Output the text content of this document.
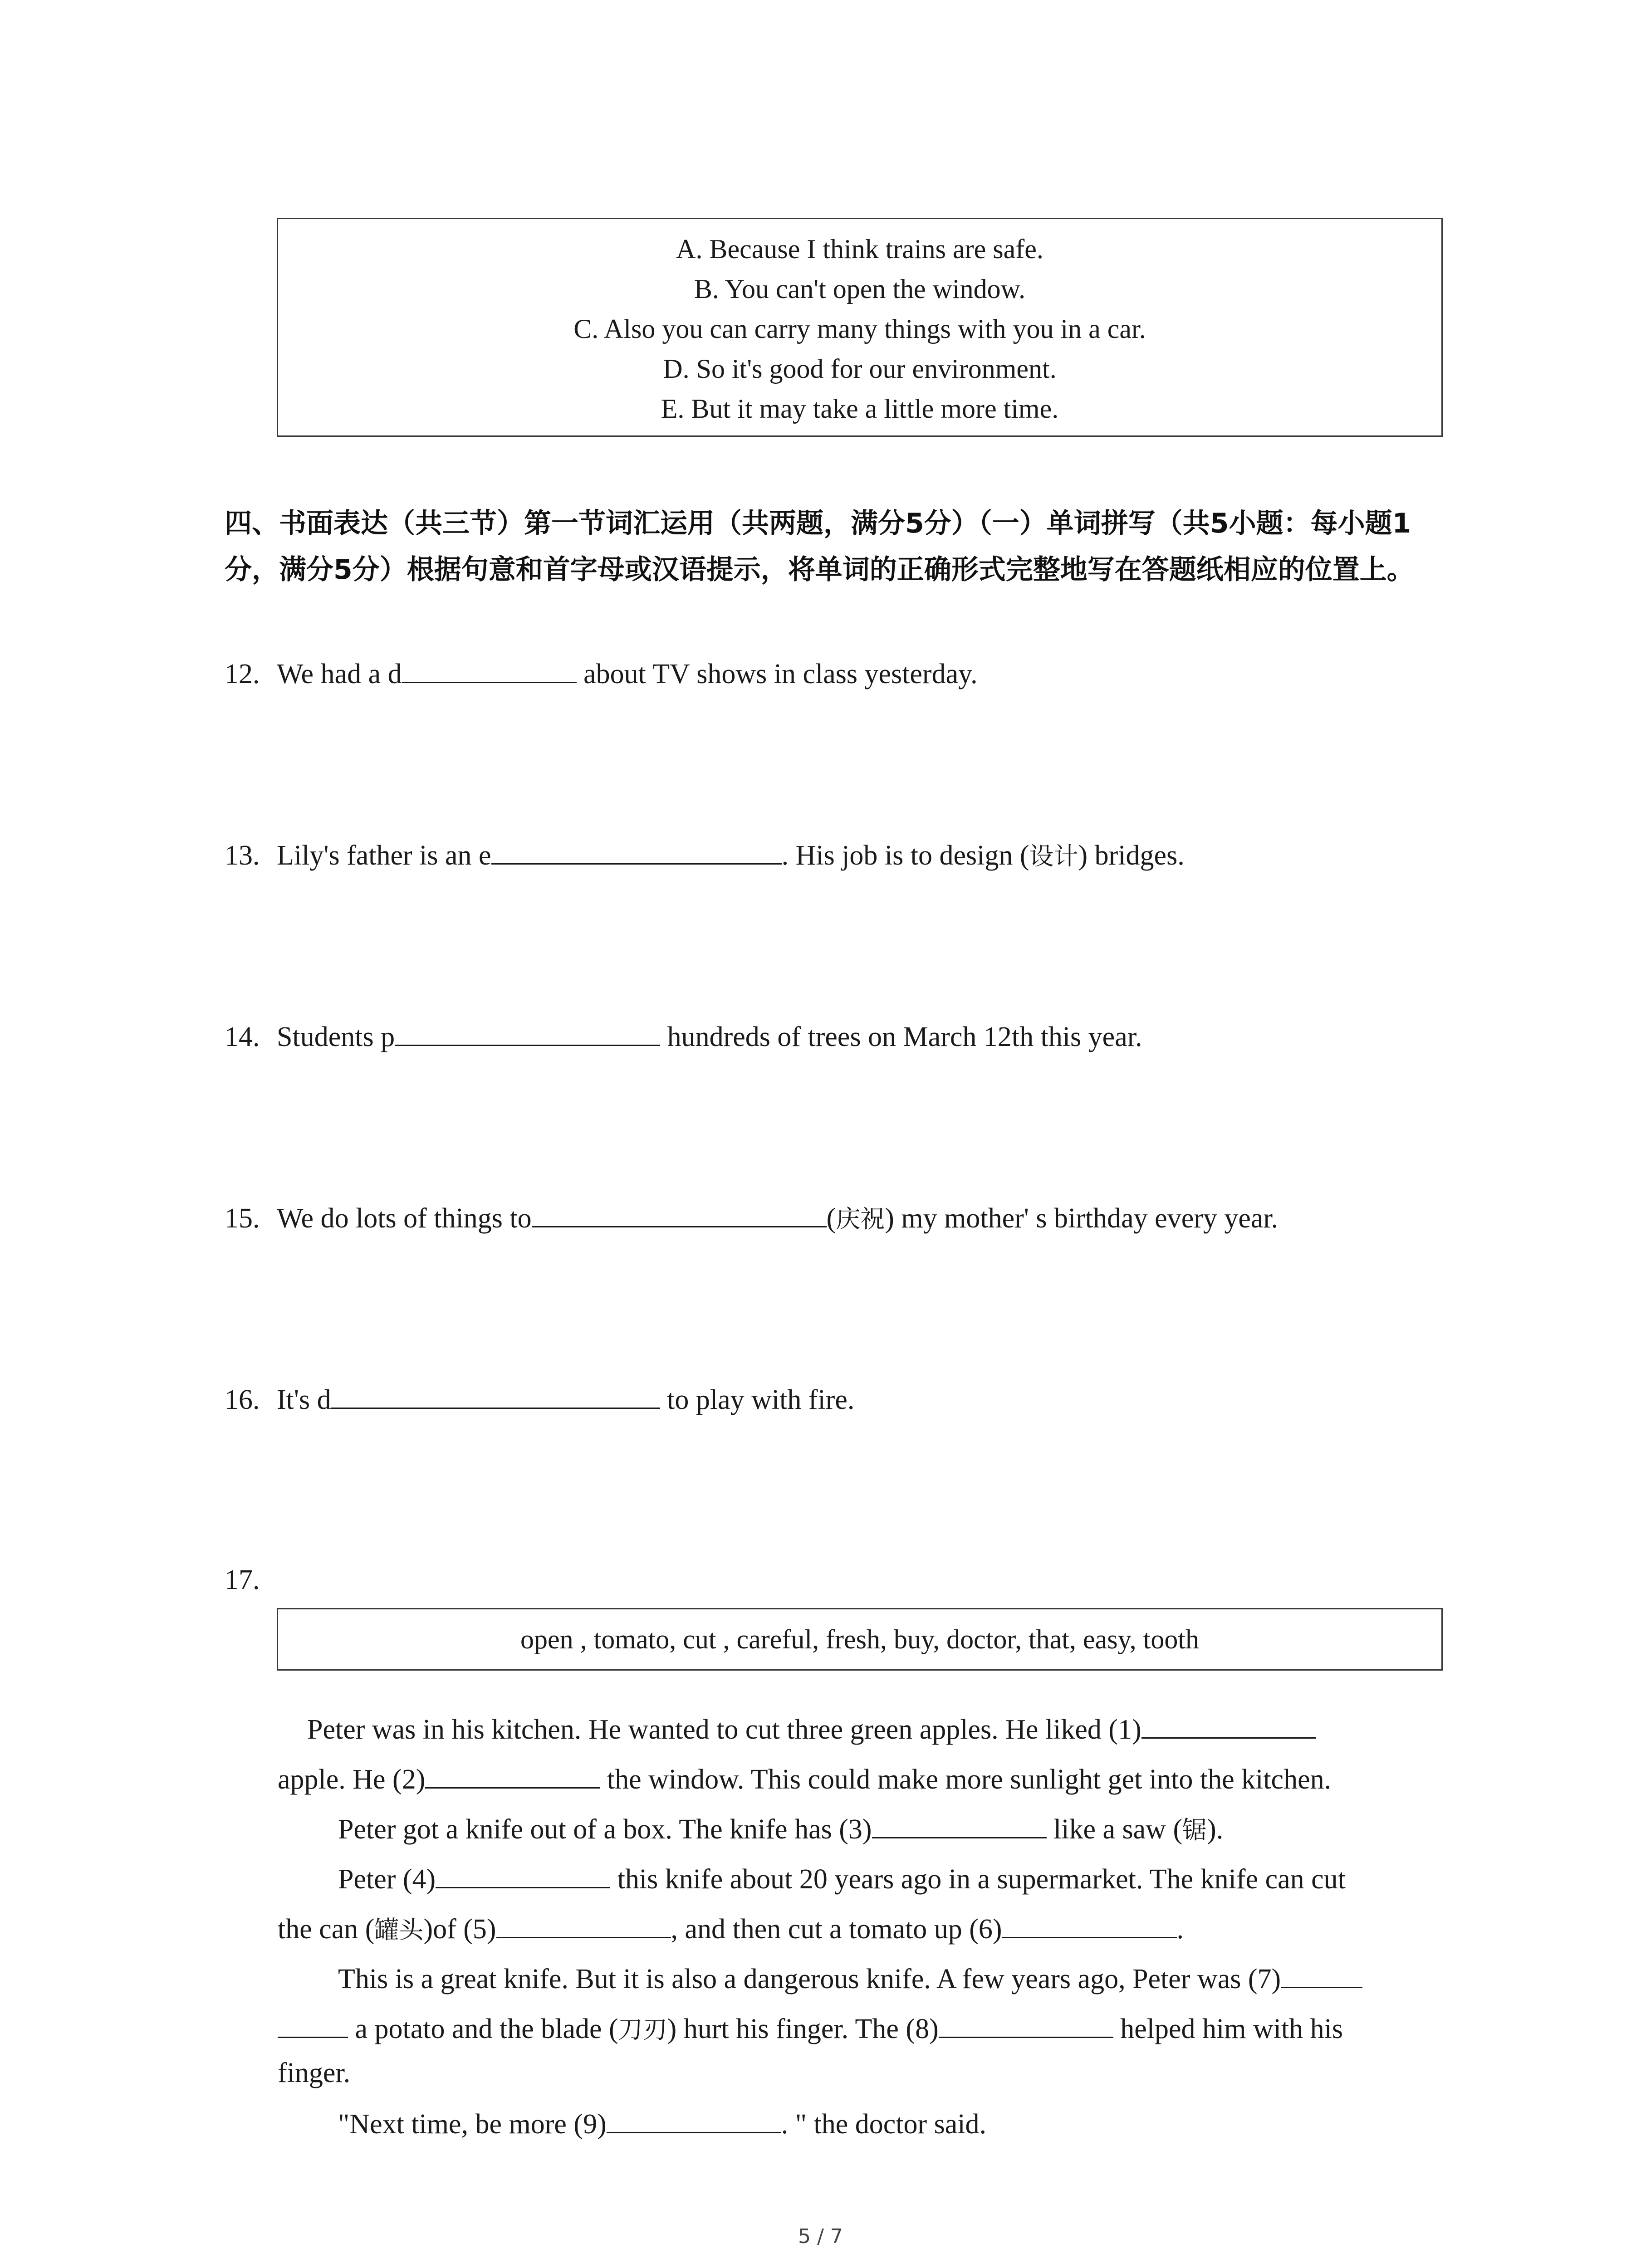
A. Because I think trains are safe.
B. You can't open the window.
C. Also you can carry many things with you in a car.
D. So it's good for our environment.
E. But it may take a little more time.
四、书面表达（共三节）第一节词汇运用（共两题，满分5分）（一）单词拼写（共5小题：每小题1分，满分5分）根据句意和首字母或汉语提示，将单词的正确形式完整地写在答题纸相应的位置上。
12. We had a d	about TV shows in class yesterday.
13. Lily's father is an e	. His job is to design (设计) bridges.
14. Students p	hundreds of trees on March 12th this year.
15. We do lots of things to	(庆祝) my mother' s birthday every year.
16. It's d	to play with fire.
17.
open , tomato, cut , careful, fresh, buy, doctor, that, easy, tooth
Peter was in his kitchen. He wanted to cut three green apples. He liked (1)
apple. He (2)	the window. This could make more sunlight get into the kitchen.
Peter got a knife out of a box. The knife has (3)	like a saw (锯).
Peter (4)	this knife about 20 years ago in a supermarket. The knife can cut
the can (罐头)of (5)	, and then cut a tomato up (6)	.
This is a great knife. But it is also a dangerous knife. A few years ago, Peter was (7)
a potato and the blade (刀刃) hurt his finger. The (8)	helped him with his
finger.
"Next time, be more (9)	. " the doctor said.
5 / 7
